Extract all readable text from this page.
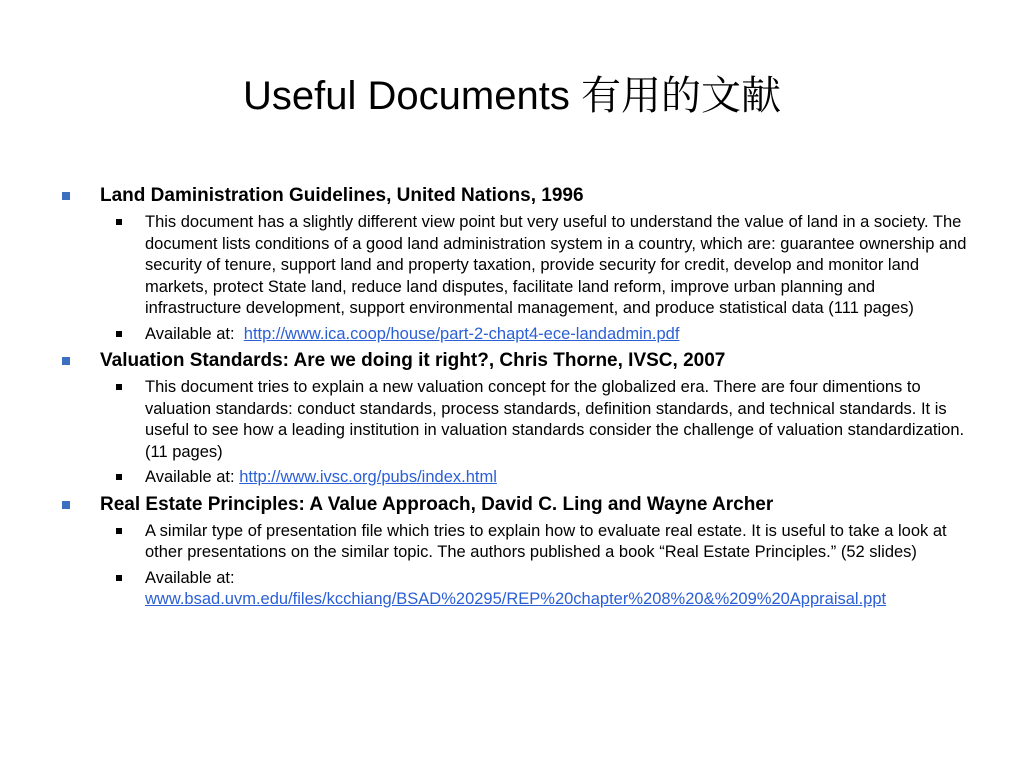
Useful Documents 有用的文献
Land Daministration Guidelines, United Nations, 1996
This document has a slightly different view point but very useful to understand the value of land in a society. The document lists conditions of a good land administration system in a country, which are: guarantee ownership and security of tenure, support land and property taxation, provide security for credit, develop and monitor land markets, protect State land, reduce land disputes, facilitate land reform, improve urban planning and infrastructure development, support environmental management, and produce statistical data (111 pages)
Available at: http://www.ica.coop/house/part-2-chapt4-ece-landadmin.pdf
Valuation Standards: Are we doing it right?, Chris Thorne, IVSC, 2007
This document tries to explain a new valuation concept for the globalized era. There are four dimentions to valuation standards: conduct standards, process standards, definition standards, and technical standards. It is useful to see how a leading institution in valuation standards consider the challenge of valuation standardization. (11 pages)
Available at: http://www.ivsc.org/pubs/index.html
Real Estate Principles: A Value Approach, David C. Ling and Wayne Archer
A similar type of presentation file which tries to explain how to evaluate real estate. It is useful to take a look at other presentations on the similar topic. The authors published a book “Real Estate Principles.” (52 slides)
Available at:
www.bsad.uvm.edu/files/kcchiang/BSAD%20295/REP%20chapter%208%20&%209%20Appraisal.ppt
